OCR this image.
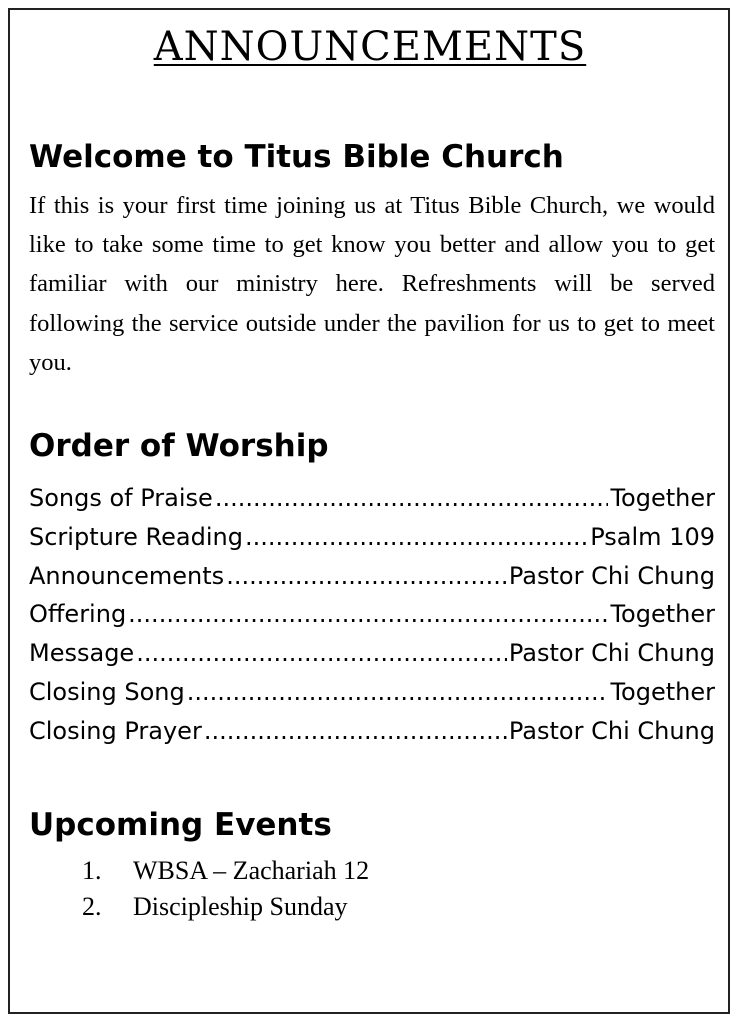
ANNOUNCEMENTS
Welcome to Titus Bible Church
If this is your first time joining us at Titus Bible Church, we would like to take some time to get know you better and allow you to get familiar with our ministry here. Refreshments will be served following the service outside under the pavilion for us to get to meet you.
Order of Worship
Songs of Praise .....	Together
Scripture Reading .....	Psalm 109
Announcements .....	Pastor Chi Chung
Offering .....	Together
Message .....	Pastor Chi Chung
Closing Song .....	Together
Closing Prayer .....	Pastor Chi Chung
Upcoming Events
1. WBSA – Zachariah 12
2. Discipleship Sunday
